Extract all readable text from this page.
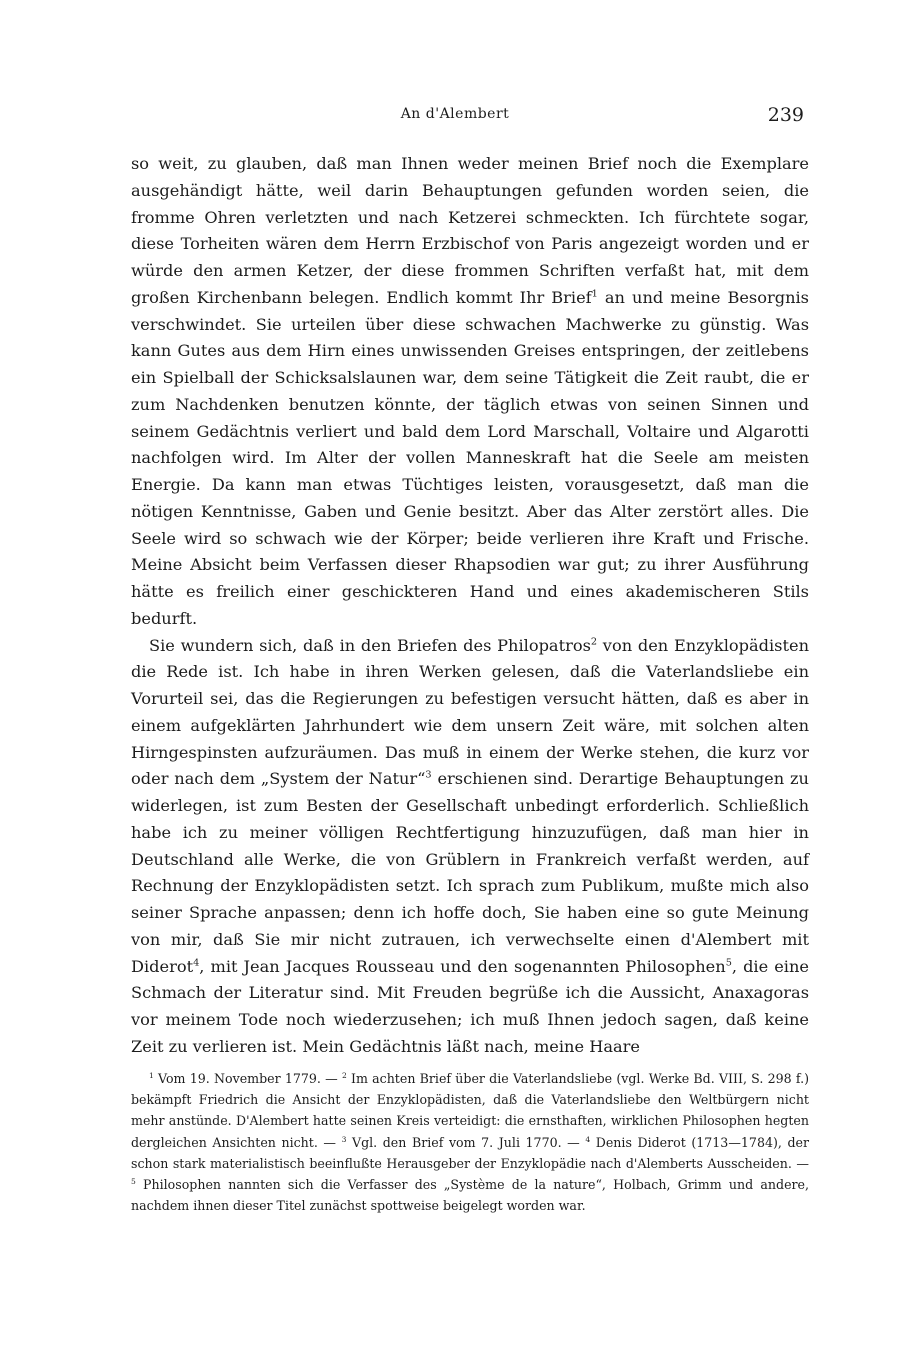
An d'Alembert	239

so weit, zu glauben, daß man Ihnen weder meinen Brief noch die Exemplare ausgehändigt hätte, weil darin Behauptungen gefunden worden seien, die fromme Ohren verletzten und nach Ketzerei schmeckten. Ich fürchtete sogar, diese Torheiten wären dem Herrn Erzbischof von Paris angezeigt worden und er würde den armen Ketzer, der diese frommen Schriften verfaßt hat, mit dem großen Kirchenbann belegen. Endlich kommt Ihr Brief$^1$ an und meine Besorgnis verschwindet. Sie urteilen über diese schwachen Machwerke zu günstig. Was kann Gutes aus dem Hirn eines unwissenden Greises entspringen, der zeitlebens ein Spielball der Schicksalslaunen war, dem seine Tätigkeit die Zeit raubt, die er zum Nachdenken benutzen könnte, der täglich etwas von seinen Sinnen und seinem Gedächtnis verliert und bald dem Lord Marschall, Voltaire und Algarotti nachfolgen wird. Im Alter der vollen Manneskraft hat die Seele am meisten Energie. Da kann man etwas Tüchtiges leisten, vorausgesetzt, daß man die nötigen Kenntnisse, Gaben und Genie besitzt. Aber das Alter zerstört alles. Die Seele wird so schwach wie der Körper; beide verlieren ihre Kraft und Frische. Meine Absicht beim Verfassen dieser Rhapsodien war gut; zu ihrer Ausführung hätte es freilich einer geschickteren Hand und eines akademischeren Stils bedurft.

Sie wundern sich, daß in den Briefen des Philopatros$^2$ von den Enzyklopädisten die Rede ist. Ich habe in ihren Werken gelesen, daß die Vaterlandsliebe ein Vorurteil sei, das die Regierungen zu befestigen versucht hätten, daß es aber in einem aufgeklärten Jahrhundert wie dem unsern Zeit wäre, mit solchen alten Hirngespinsten aufzuräumen. Das muß in einem der Werke stehen, die kurz vor oder nach dem „System der Natur“$^3$ erschienen sind. Derartige Behauptungen zu widerlegen, ist zum Besten der Gesellschaft unbedingt erforderlich. Schließlich habe ich zu meiner völligen Rechtfertigung hinzuzufügen, daß man hier in Deutschland alle Werke, die von Grüblern in Frankreich verfaßt werden, auf Rechnung der Enzyklopädisten setzt. Ich sprach zum Publikum, mußte mich also seiner Sprache anpassen; denn ich hoffe doch, Sie haben eine so gute Meinung von mir, daß Sie mir nicht zutrauen, ich verwechselte einen d'Alembert mit Diderot$^4$, mit Jean Jacques Rousseau und den sogenannten Philosophen$^5$, die eine Schmach der Literatur sind. Mit Freuden begrüße ich die Aussicht, Anaxagoras vor meinem Tode noch wiederzusehen; ich muß Ihnen jedoch sagen, daß keine Zeit zu verlieren ist. Mein Gedächtnis läßt nach, meine Haare

$^1$ Vom 19. November 1779. — $^2$ Im achten Brief über die Vaterlandsliebe (vgl. Werke Bd. VIII, S. 298 f.) bekämpft Friedrich die Ansicht der Enzyklopädisten, daß die Vaterlandsliebe den Weltbürgern nicht mehr anstünde. D'Alembert hatte seinen Kreis verteidigt: die ernsthaften, wirklichen Philosophen hegten dergleichen Ansichten nicht. — $^3$ Vgl. den Brief vom 7. Juli 1770. — $^4$ Denis Diderot (1713—1784), der schon stark materialistisch beeinflußte Herausgeber der Enzyklopädie nach d'Alemberts Ausscheiden. — $^5$ Philosophen nannten sich die Verfasser des „Système de la nature“, Holbach, Grimm und andere, nachdem ihnen dieser Titel zunächst spottweise beigelegt worden war.
